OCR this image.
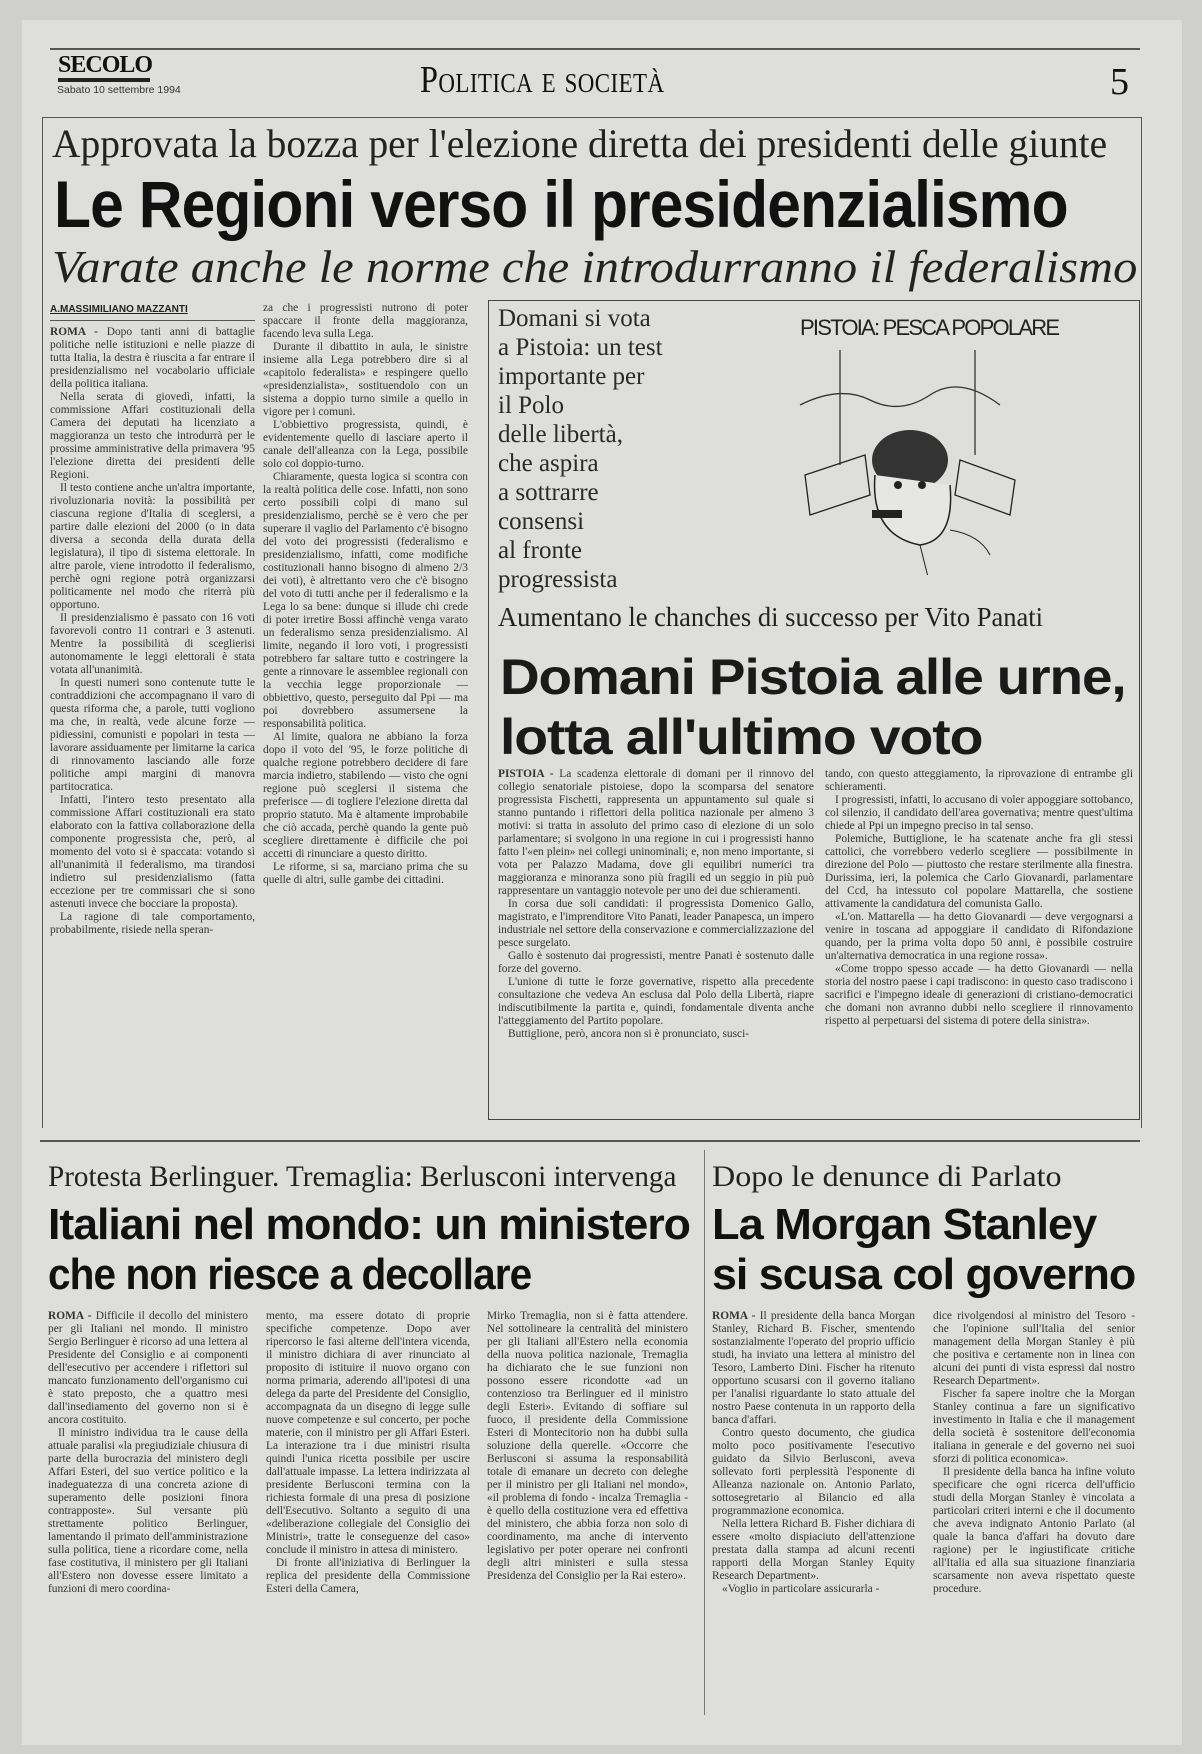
SECOLO
Sabato 10 settembre 1994	Politica e società	5
Approvata la bozza per l'elezione diretta dei presidenti delle giunte
Le Regioni verso il presidenzialismo
Varate anche le norme che introdurranno il federalismo
A.MASSIMILIANO MAZZANTI

ROMA - Dopo tanti anni di battaglie politiche nelle istituzioni e nelle piazze di tutta Italia, la destra è riuscita a far entrare il presidenzialismo nel vocabolario ufficiale della politica italiana.

Nella serata di giovedì, infatti, la commissione Affari costituzionali della Camera dei deputati ha licenziato a maggioranza un testo che introdurrà per le prossime amministrative della primavera '95 l'elezione diretta dei presidenti delle Regioni.

Il testo contiene anche un'altra importante, rivoluzionaria novità: la possibilità per ciascuna regione d'Italia di sceglersi, a partire dalle elezioni del 2000 (o in data diversa a seconda della durata della legislatura), il tipo di sistema elettorale. In altre parole, viene introdotto il federalismo, perchè ogni regione potrà organizzarsi politicamente nel modo che riterrà più opportuno.

Il presidenzialismo è passato con 16 voti favorevoli contro 11 contrari e 3 astenuti. Mentre la possibilità di sceglierisi autonomamente le leggi elettorali è stata votata all'unanimità.

In questi numeri sono contenute tutte le contraddizioni che accompagnano il varo di questa riforma che, a parole, tutti vogliono ma che, in realtà, vede alcune forze — pidiessini, comunisti e popolari in testa — lavorare assiduamente per limitarne la carica di rinnovamento lasciando alle forze politiche ampi margini di manovra partitocratica.

Infatti, l'intero testo presentato alla commissione Affari costituzionali era stato elaborato con la fattiva collaborazione della componente progressista che, però, al momento del voto si è spaccata: votando sì all'unanimità il federalismo, ma tirandosi indietro sul presidenzialismo (fatta eccezione per tre commissari che si sono astenuti invece che bocciare la proposta).

La ragione di tale comportamento, probabilmente, risiede nella speran-

za che i progressisti nutrono di poter spaccare il fronte della maggioranza, facendo leva sulla Lega.

Durante il dibattito in aula, le sinistre insieme alla Lega potrebbero dire sì al «capitolo federalista» e respingere quello «presidenzialista», sostituendolo con un sistema a doppio turno simile a quello in vigore per i comuni.

L'obbiettivo progressista, quindi, è evidentemente quello di lasciare aperto il canale dell'alleanza con la Lega, possibile solo col doppio-turno.

Chiaramente, questa logica si scontra con la realtà politica delle cose. Infatti, non sono certo possibili colpi di mano sul presidenzialismo, perchè se è vero che per superare il vaglio del Parlamento c'è bisogno del voto dei progressisti (federalismo e presidenzialismo, infatti, come modifiche costituzionali hanno bisogno di almeno 2/3 dei voti), è altrettanto vero che c'è bisogno del voto di tutti anche per il federalismo e la Lega lo sa bene: dunque si illude chi crede di poter irretire Bossi affinchè venga varato un federalismo senza presidenzialismo. Al limite, negando il loro voti, i progressisti potrebbero far saltare tutto e costringere la gente a rinnovare le assemblee regionali con la vecchia legge proporzionale — obbiettivo, questo, perseguito dal Ppi — ma poi dovrebbero assumersene la responsabilità politica.

Al limite, qualora ne abbiano la forza dopo il voto del '95, le forze politiche di qualche regione potrebbero decidere di fare marcia indietro, stabilendo — visto che ogni regione può sceglersi il sistema che preferisce — di togliere l'elezione diretta dal proprio statuto. Ma è altamente improbabile che ciò accada, perchè quando la gente può scegliere direttamente è difficile che poi accetti di rinunciare a questo diritto.

Le riforme, si sa, marciano prima che su quelle di altri, sulle gambe dei cittadini.

Domani si vota
a Pistoia: un test
importante per
il Polo
delle libertà,
che aspira
a sottrarre
consensi
al fronte
progressista
PISTOIA: PESCA POPOLARE
Aumentano le chanches di successo per Vito Panati
Domani Pistoia alle urne,
lotta all'ultimo voto

PISTOIA - La scadenza elettorale di domani per il rinnovo del collegio senatoriale pistoiese, dopo la scomparsa del senatore progressista Fischetti, rappresenta un appuntamento sul quale si stanno puntando i riflettori della politica nazionale per almeno 3 motivi: si tratta in assoluto del primo caso di elezione di un solo parlamentare; si svolgono in una regione in cui i progressisti hanno fatto l'«en plein» nei collegi uninominali; e, non meno importante, si vota per Palazzo Madama, dove gli equilibri numerici tra maggioranza e minoranza sono più fragili ed un seggio in più può rappresentare un vantaggio notevole per uno dei due schieramenti.

In corsa due soli candidati: il progressista Domenico Gallo, magistrato, e l'imprenditore Vito Panati, leader Panapesca, un impero industriale nel settore della conservazione e commercializzazione del pesce surgelato.

Gallo è sostenuto dai progressisti, mentre Panati è sostenuto dalle forze del governo.

L'unione di tutte le forze governative, rispetto alla precedente consultazione che vedeva An esclusa dal Polo della Libertà, riapre indiscutibilmente la partita e, quindi, fondamentale diventa anche l'atteggiamento del Partito popolare.

Buttiglione, però, ancora non si è pronunciato, susci-

tando, con questo atteggiamento, la riprovazione di entrambe gli schieramenti.

I progressisti, infatti, lo accusano di voler appoggiare sottobanco, col silenzio, il candidato dell'area governativa; mentre quest'ultima chiede al Ppi un impegno preciso in tal senso.

Polemiche, Buttiglione, le ha scatenate anche fra gli stessi cattolici, che vorrebbero vederlo scegliere — possibilmente in direzione del Polo — piuttosto che restare sterilmente alla finestra. Durissima, ieri, la polemica che Carlo Giovanardi, parlamentare del Ccd, ha intessuto col popolare Mattarella, che sostiene attivamente la candidatura del comunista Gallo.

«L'on. Mattarella — ha detto Giovanardi — deve vergognarsi a venire in toscana ad appoggiare il candidato di Rifondazione quando, per la prima volta dopo 50 anni, è possibile costruire un'alternativa democratica in una regione rossa».

«Come troppo spesso accade — ha detto Giovanardi — nella storia del nostro paese i capi tradiscono: in questo caso tradiscono i sacrifici e l'impegno ideale di generazioni di cristiano-democratici che domani non avranno dubbi nello scegliere il rinnovamento rispetto al perpetuarsi del sistema di potere della sinistra».

Protesta Berlinguer. Tremaglia: Berlusconi intervenga
Italiani nel mondo: un ministero
che non riesce a decollare

ROMA - Difficile il decollo del ministero per gli Italiani nel mondo. Il ministro Sergio Berlinguer è ricorso ad una lettera al Presidente del Consiglio e ai componenti dell'esecutivo per accendere i riflettori sul mancato funzionamento dell'organismo cui è stato preposto, che a quattro mesi dall'insediamento del governo non si è ancora costituito.

Il ministro individua tra le cause della attuale paralisi «la pregiudiziale chiusura di parte della burocrazia del ministero degli Affari Esteri, del suo vertice politico e la inadeguatezza di una concreta azione di superamento delle posizioni finora contrapposte». Sul versante più strettamente politico Berlinguer, lamentando il primato dell'amministrazione sulla politica, tiene a ricordare come, nella fase costitutiva, il ministero per gli Italiani all'Estero non dovesse essere limitato a funzioni di mero coordina-

mento, ma essere dotato di proprie specifiche competenze. Dopo aver ripercorso le fasi alterne dell'intera vicenda, il ministro dichiara di aver rinunciato al proposito di istituire il nuovo organo con norma primaria, aderendo all'ipotesi di una delega da parte del Presidente del Consiglio, accompagnata da un disegno di legge sulle nuove competenze e sul concerto, per poche materie, con il ministro per gli Affari Esteri. La interazione tra i due ministri risulta quindi l'unica ricetta possibile per uscire dall'attuale impasse. La lettera indirizzata al presidente Berlusconi termina con la richiesta formale di una presa di posizione dell'Esecutivo. Soltanto a seguito di una «deliberazione collegiale del Consiglio dei Ministri», tratte le conseguenze del caso» conclude il ministro in attesa di ministero.

Di fronte all'iniziativa di Berlinguer la replica del presidente della Commissione Esteri della Camera,

Mirko Tremaglia, non si è fatta attendere. Nel sottolineare la centralità del ministero per gli Italiani all'Estero nella economia della nuova politica nazionale, Tremaglia ha dichiarato che le sue funzioni non possono essere ricondotte «ad un contenzioso tra Berlinguer ed il ministro degli Esteri». Evitando di soffiare sul fuoco, il presidente della Commissione Esteri di Montecitorio non ha dubbi sulla soluzione della querelle. «Occorre che Berlusconi si assuma la responsabilità totale di emanare un decreto con deleghe per il ministro per gli Italiani nel mondo», «il problema di fondo - incalza Tremaglia - è quello della costituzione vera ed effettiva del ministero, che abbia forza non solo di coordinamento, ma anche di intervento legislativo per poter operare nei confronti degli altri ministeri e sulla stessa Presidenza del Consiglio per la Rai estero».

Dopo le denunce di Parlato
La Morgan Stanley
si scusa col governo

ROMA - Il presidente della banca Morgan Stanley, Richard B. Fischer, smentendo sostanzialmente l'operato del proprio ufficio studi, ha inviato una lettera al ministro del Tesoro, Lamberto Dini. Fischer ha ritenuto opportuno scusarsi con il governo italiano per l'analisi riguardante lo stato attuale del nostro Paese contenuta in un rapporto della banca d'affari.

Contro questo documento, che giudica molto poco positivamente l'esecutivo guidato da Silvio Berlusconi, aveva sollevato forti perplessità l'esponente di Alleanza nazionale on. Antonio Parlato, sottosegretario al Bilancio ed alla programmazione economica.

Nella lettera Richard B. Fisher dichiara di essere «molto dispiaciuto dell'attenzione prestata dalla stampa ad alcuni recenti rapporti della Morgan Stanley Equity Research Department».

«Voglio in particolare assicurarla -

dice rivolgendosi al ministro del Tesoro - che l'opinione sull'Italia del senior management della Morgan Stanley è più che positiva e certamente non in linea con alcuni dei punti di vista espressi dal nostro Research Department».

Fischer fa sapere inoltre che la Morgan Stanley continua a fare un significativo investimento in Italia e che il management della società è sostenitore dell'economia italiana in generale e del governo nei suoi sforzi di politica economica».

Il presidente della banca ha infine voluto specificare che ogni ricerca dell'ufficio studi della Morgan Stanley è vincolata a particolari criteri interni e che il documento che aveva indignato Antonio Parlato (al quale la banca d'affari ha dovuto dare ragione) per le ingiustificate critiche all'Italia ed alla sua situazione finanziaria scarsamente non aveva rispettato queste procedure.
